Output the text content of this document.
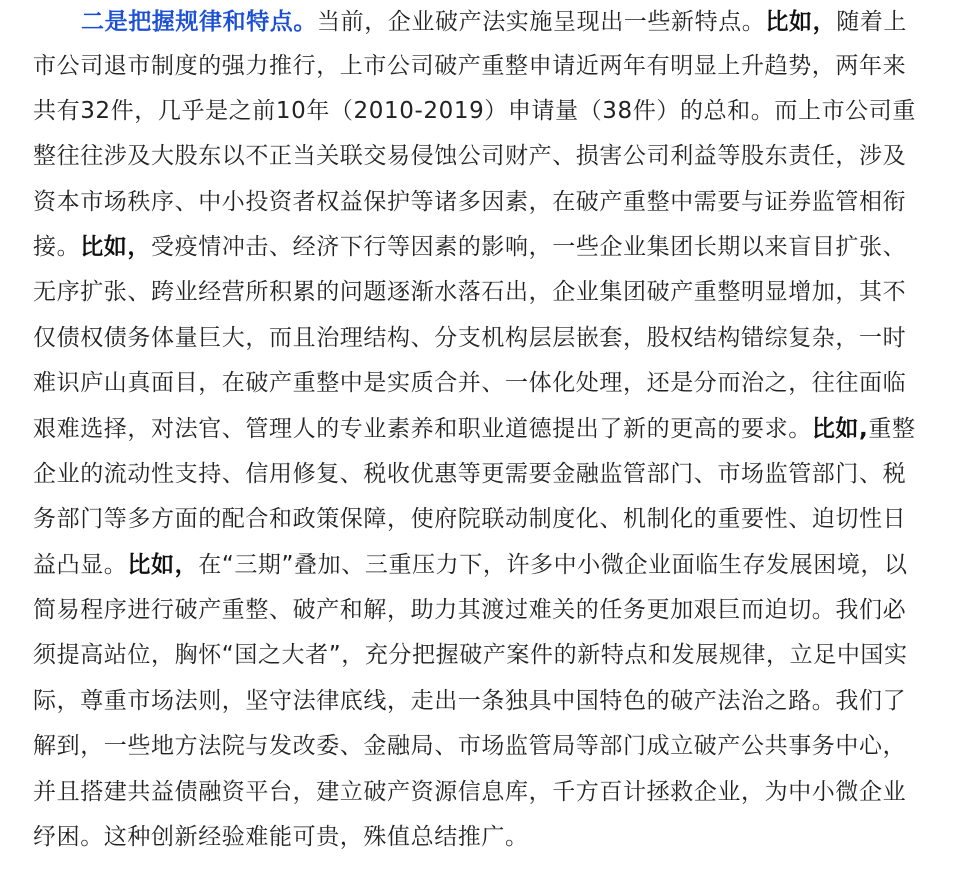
二是把握规律和特点。当前，企业破产法实施呈现出一些新特点。比如，随着上
市公司退市制度的强力推行，上市公司破产重整申请近两年有明显上升趋势，两年来
共有32件，几乎是之前10年（2010-2019）申请量（38件）的总和。而上市公司重
整往往涉及大股东以不正当关联交易侵蚀公司财产、损害公司利益等股东责任，涉及
资本市场秩序、中小投资者权益保护等诸多因素，在破产重整中需要与证券监管相衔
接。比如，受疫情冲击、经济下行等因素的影响，一些企业集团长期以来盲目扩张、
无序扩张、跨业经营所积累的问题逐渐水落石出，企业集团破产重整明显增加，其不
仅债权债务体量巨大，而且治理结构、分支机构层层嵌套，股权结构错综复杂，一时
难识庐山真面目，在破产重整中是实质合并、一体化处理，还是分而治之，往往面临
艰难选择，对法官、管理人的专业素养和职业道德提出了新的更高的要求。比如,重整
企业的流动性支持、信用修复、税收优惠等更需要金融监管部门、市场监管部门、税
务部门等多方面的配合和政策保障，使府院联动制度化、机制化的重要性、迫切性日
益凸显。比如，在“三期”叠加、三重压力下，许多中小微企业面临生存发展困境，以
简易程序进行破产重整、破产和解，助力其渡过难关的任务更加艰巨而迫切。我们必
须提高站位，胸怀“国之大者”，充分把握破产案件的新特点和发展规律，立足中国实
际，尊重市场法则，坚守法律底线，走出一条独具中国特色的破产法治之路。我们了
解到，一些地方法院与发改委、金融局、市场监管局等部门成立破产公共事务中心，
并且搭建共益债融资平台，建立破产资源信息库，千方百计拯救企业，为中小微企业
纾困。这种创新经验难能可贵，殊值总结推广。
